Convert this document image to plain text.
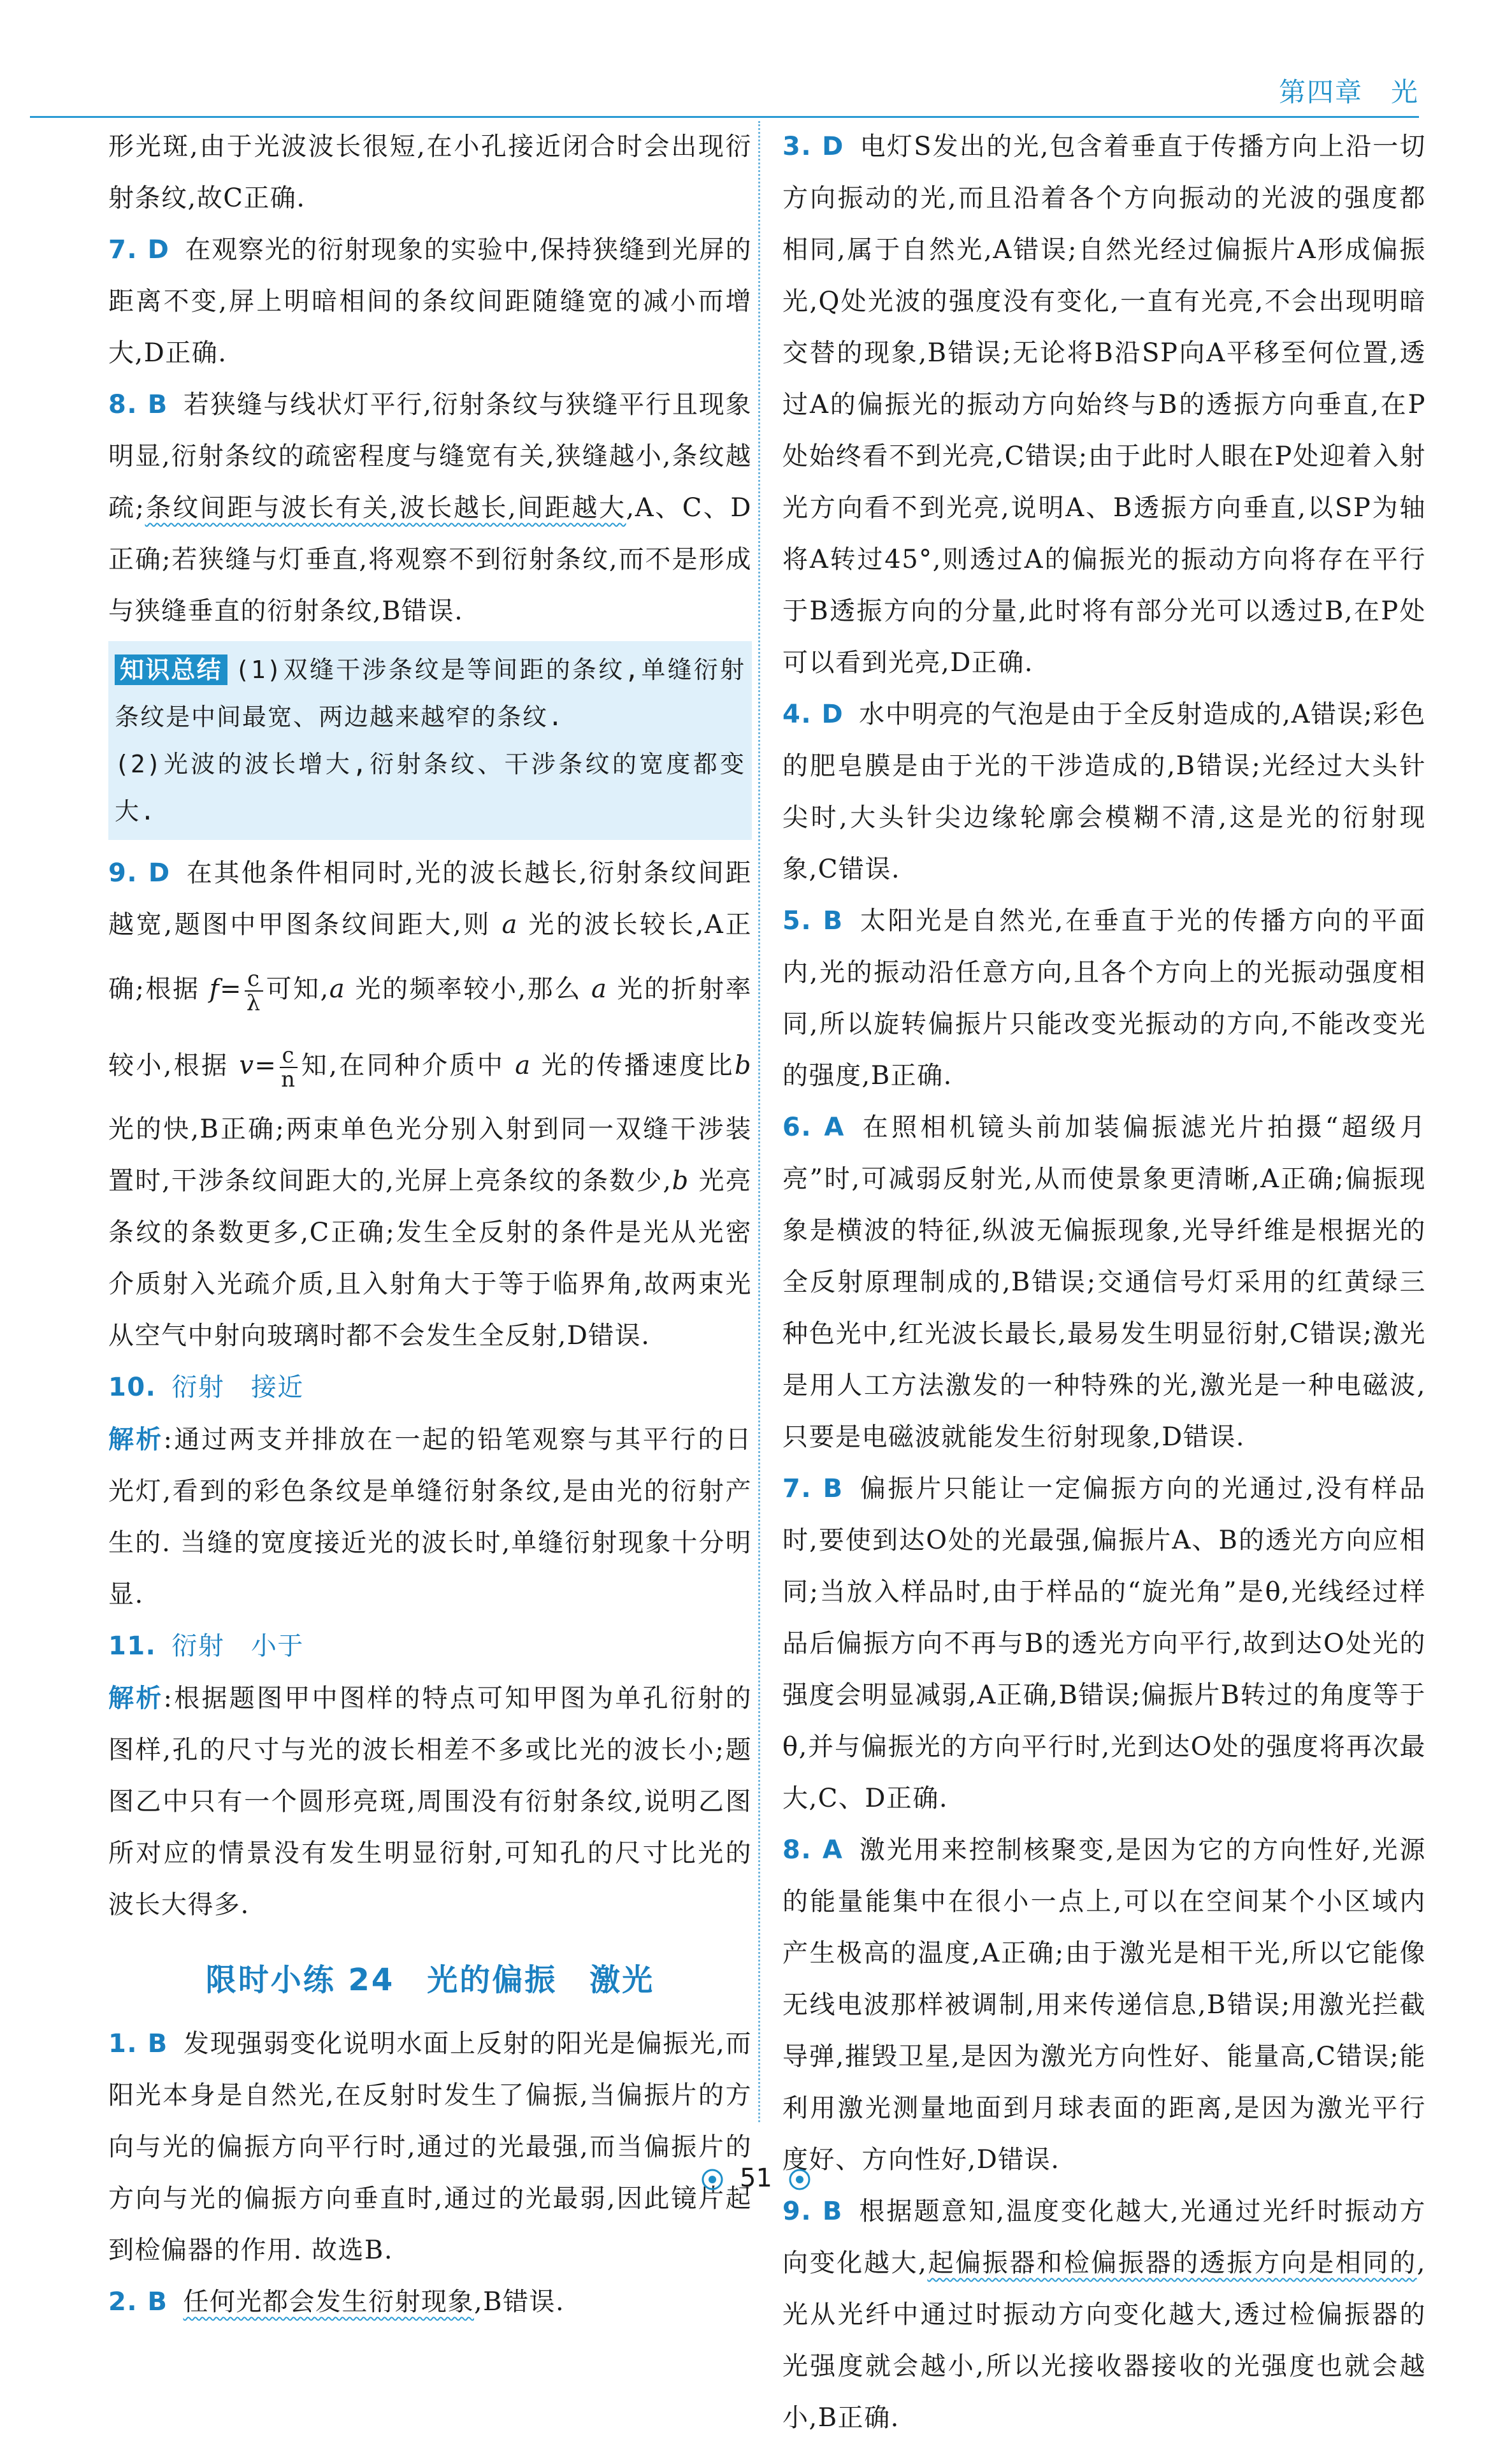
第四章　光

形光斑,由于光波波长很短,在小孔接近闭合时会出现衍射条纹,故C正确.

7. D 在观察光的衍射现象的实验中,保持狭缝到光屏的距离不变,屏上明暗相间的条纹间距随缝宽的减小而增大,D正确.

8. B 若狭缝与线状灯平行,衍射条纹与狭缝平行且现象明显,衍射条纹的疏密程度与缝宽有关,狭缝越小,条纹越疏;条纹间距与波长有关,波长越长,间距越大,A、C、D正确;若狭缝与灯垂直,将观察不到衍射条纹,而不是形成与狭缝垂直的衍射条纹,B错误.

知识总结 (1)双缝干涉条纹是等间距的条纹,单缝衍射条纹是中间最宽、两边越来越窄的条纹.

(2)光波的波长增大,衍射条纹、干涉条纹的宽度都变大.

9. D 在其他条件相同时,光的波长越长,衍射条纹间距越宽,题图中甲图条纹间距大,则 a 光的波长较长,A正确;根据 $f= \frac{c}{\lambda}$ 可知,a 光的频率较小,那么 a 光的折射率较小,根据 $v= \frac{c}{n}$ 知,在同种介质中 a 光的传播速度比b 光的快,B正确;两束单色光分别入射到同一双缝干涉装置时,干涉条纹间距大的,光屏上亮条纹的条数少,b 光亮条纹的条数更多,C正确;发生全反射的条件是光从光密介质射入光疏介质,且入射角大于等于临界角,故两束光从空气中射向玻璃时都不会发生全反射,D错误.

10. 衍射　接近

解析:通过两支并排放在一起的铅笔观察与其平行的日光灯,看到的彩色条纹是单缝衍射条纹,是由光的衍射产生的. 当缝的宽度接近光的波长时,单缝衍射现象十分明显.

11. 衍射　小于

解析:根据题图甲中图样的特点可知甲图为单孔衍射的图样,孔的尺寸与光的波长相差不多或比光的波长小;题图乙中只有一个圆形亮斑,周围没有衍射条纹,说明乙图所对应的情景没有发生明显衍射,可知孔的尺寸比光的波长大得多.

限时小练 24　光的偏振　激光

1. B 发现强弱变化说明水面上反射的阳光是偏振光,而阳光本身是自然光,在反射时发生了偏振,当偏振片的方向与光的偏振方向平行时,通过的光最强,而当偏振片的方向与光的偏振方向垂直时,通过的光最弱,因此镜片起到检偏器的作用. 故选B.

2. B 任何光都会发生衍射现象,B错误.

3. D 电灯S发出的光,包含着垂直于传播方向上沿一切方向振动的光,而且沿着各个方向振动的光波的强度都相同,属于自然光,A错误;自然光经过偏振片A形成偏振光,Q处光波的强度没有变化,一直有光亮,不会出现明暗交替的现象,B错误;无论将B沿SP向A平移至何位置,透过A的偏振光的振动方向始终与B的透振方向垂直,在P处始终看不到光亮,C错误;由于此时人眼在P处迎着入射光方向看不到光亮,说明A、B透振方向垂直,以SP为轴将A转过45°,则透过A的偏振光的振动方向将存在平行于B透振方向的分量,此时将有部分光可以透过B,在P处可以看到光亮,D正确.

4. D 水中明亮的气泡是由于全反射造成的,A错误;彩色的肥皂膜是由于光的干涉造成的,B错误;光经过大头针尖时,大头针尖边缘轮廓会模糊不清,这是光的衍射现象,C错误.

5. B 太阳光是自然光,在垂直于光的传播方向的平面内,光的振动沿任意方向,且各个方向上的光振动强度相同,所以旋转偏振片只能改变光振动的方向,不能改变光的强度,B正确.

6. A 在照相机镜头前加装偏振滤光片拍摄“超级月亮”时,可减弱反射光,从而使景象更清晰,A正确;偏振现象是横波的特征,纵波无偏振现象,光导纤维是根据光的全反射原理制成的,B错误;交通信号灯采用的红黄绿三种色光中,红光波长最长,最易发生明显衍射,C错误;激光是用人工方法激发的一种特殊的光,激光是一种电磁波,只要是电磁波就能发生衍射现象,D错误.

7. B 偏振片只能让一定偏振方向的光通过,没有样品时,要使到达O处的光最强,偏振片A、B的透光方向应相同;当放入样品时,由于样品的“旋光角”是θ,光线经过样品后偏振方向不再与B的透光方向平行,故到达O处光的强度会明显减弱,A正确,B错误;偏振片B转过的角度等于θ,并与偏振光的方向平行时,光到达O处的强度将再次最大,C、D正确.

8. A 激光用来控制核聚变,是因为它的方向性好,光源的能量能集中在很小一点上,可以在空间某个小区域内产生极高的温度,A正确;由于激光是相干光,所以它能像无线电波那样被调制,用来传递信息,B错误;用激光拦截导弹,摧毁卫星,是因为激光方向性好、能量高,C错误;能利用激光测量地面到月球表面的距离,是因为激光平行度好、方向性好,D错误.

9. B 根据题意知,温度变化越大,光通过光纤时振动方向变化越大,起偏振器和检偏振器的透振方向是相同的,光从光纤中通过时振动方向变化越大,透过检偏振器的光强度就会越小,所以光接收器接收的光强度也就会越小,B正确.

51
